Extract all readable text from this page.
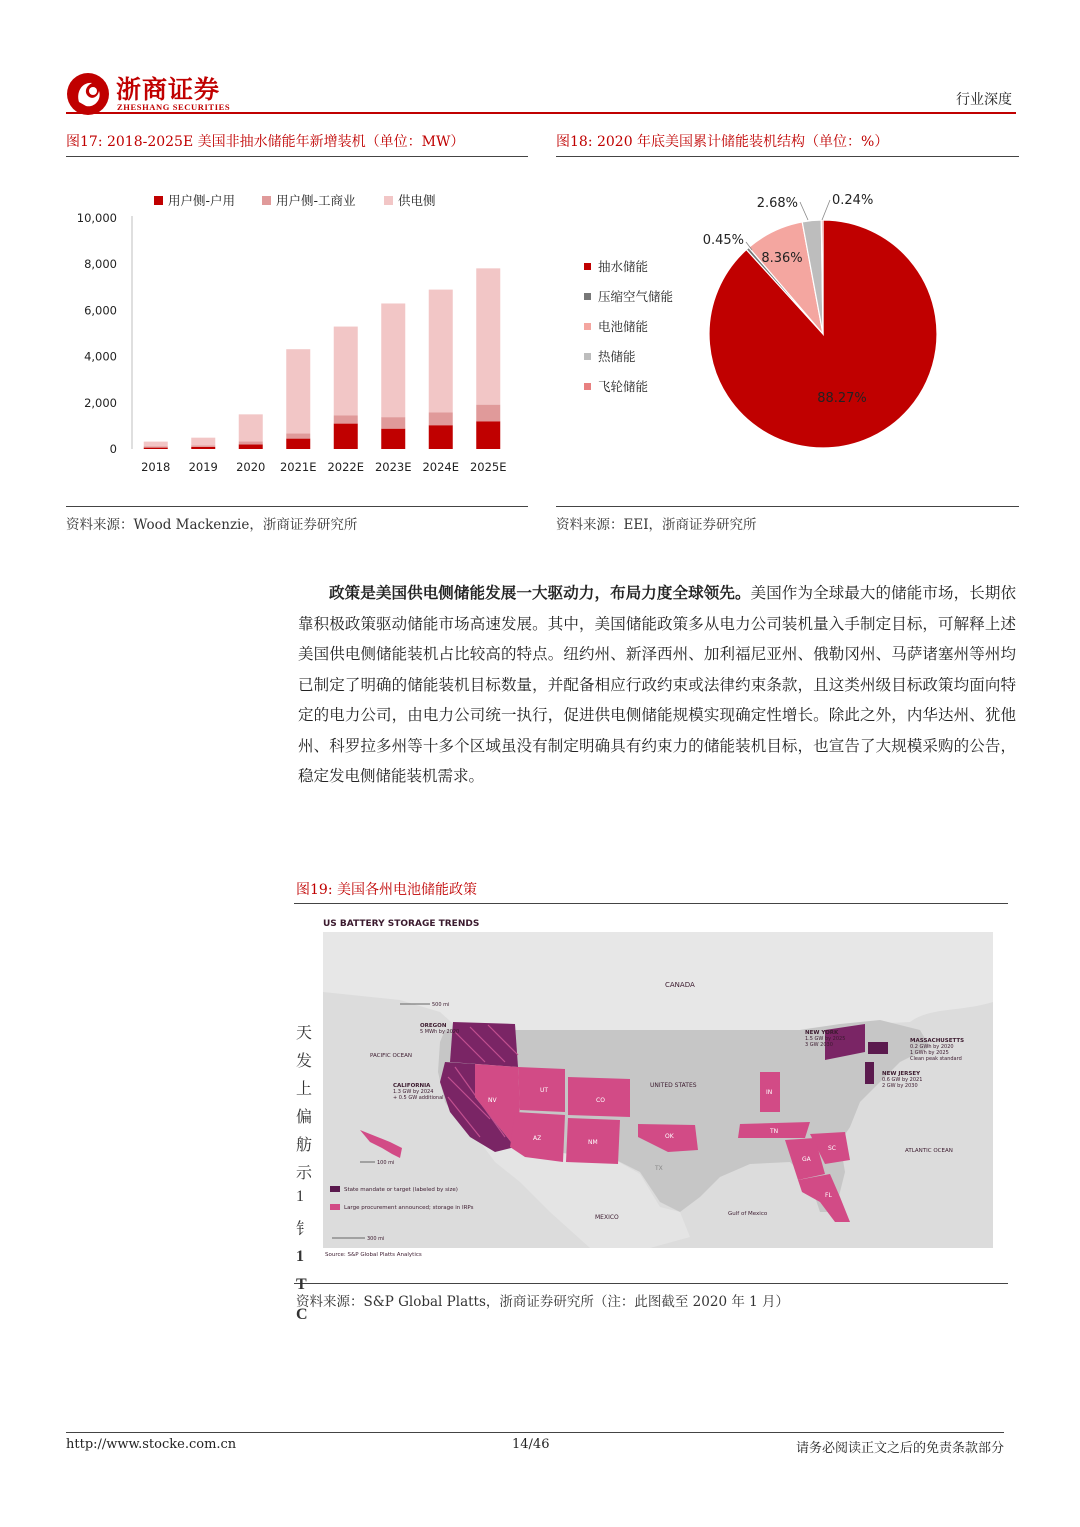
浙商证券
ZHESHANG SECURITIES	行业深度
图17: 2018-2025E 美国非抽水储能年新增装机（单位：MW）
用户侧-户用	用户侧-工商业	供电侧
0
2,000
4,000
6,000
8,000
10,000
2018 2019 2020 2021E 2022E 2023E 2024E 2025E
资料来源：Wood Mackenzie，浙商证券研究所
图18: 2020 年底美国累计储能装机结构（单位：%）
抽水储能
压缩空气储能
电池储能
热储能
飞轮储能
88.27%
0.45%
8.36%
2.68%	0.24%
资料来源：EEI，浙商证券研究所
政策是美国供电侧储能发展一大驱动力，布局力度全球领先。美国作为全球最大的储能市场，长期依靠积极政策驱动储能市场高速发展。其中，美国储能政策多从电力公司装机量入手制定目标，可解释上述美国供电侧储能装机占比较高的特点。纽约州、新泽西州、加利福尼亚州、俄勒冈州、马萨诸塞州等州均已制定了明确的储能装机目标数量，并配备相应行政约束或法律约束条款，且这类州级目标政策均面向特定的电力公司，由电力公司统一执行，促进供电侧储能规模实现确定性增长。除此之外，内华达州、犹他州、科罗拉多州等十多个区域虽没有制定明确具有约束力的储能装机目标，也宣告了大规模采购的公告，稳定发电侧储能装机需求。
图19: 美国各州电池储能政策
US BATTERY STORAGE TRENDS
CANADA
MEXICO
UNITED STATES
PACIFIC OCEAN
ATLANTIC OCEAN
Gulf of Mexico
NV
UT
CO
AZ
NM
OK
IN
TN
GA
SC
FL
TX
OREGON
5 MWh by 2020
CALIFORNIA
1.3 GW by 2024
+ 0.5 GW additional
NEW YORK
1.5 GW by 2025
3 GW 2030
MASSACHUSETTS
0.2 GWh by 2020
1 GWh by 2025
Clean peak standard
NEW JERSEY
0.6 GW by 2021
2 GW by 2030
500 mi
100 mi
300 mi
State mandate or target (labeled by size)
Large procurement announced; storage in IRPs
Source: S&P Global Platts Analytics
资料来源：S&P Global Platts，浙商证券研究所（注：此图截至 2020 年 1 月）
天
发
上
偏
舫
示
1
钅
1
T
C
http://www.stocke.com.cn	14/46	请务必阅读正文之后的免责条款部分
